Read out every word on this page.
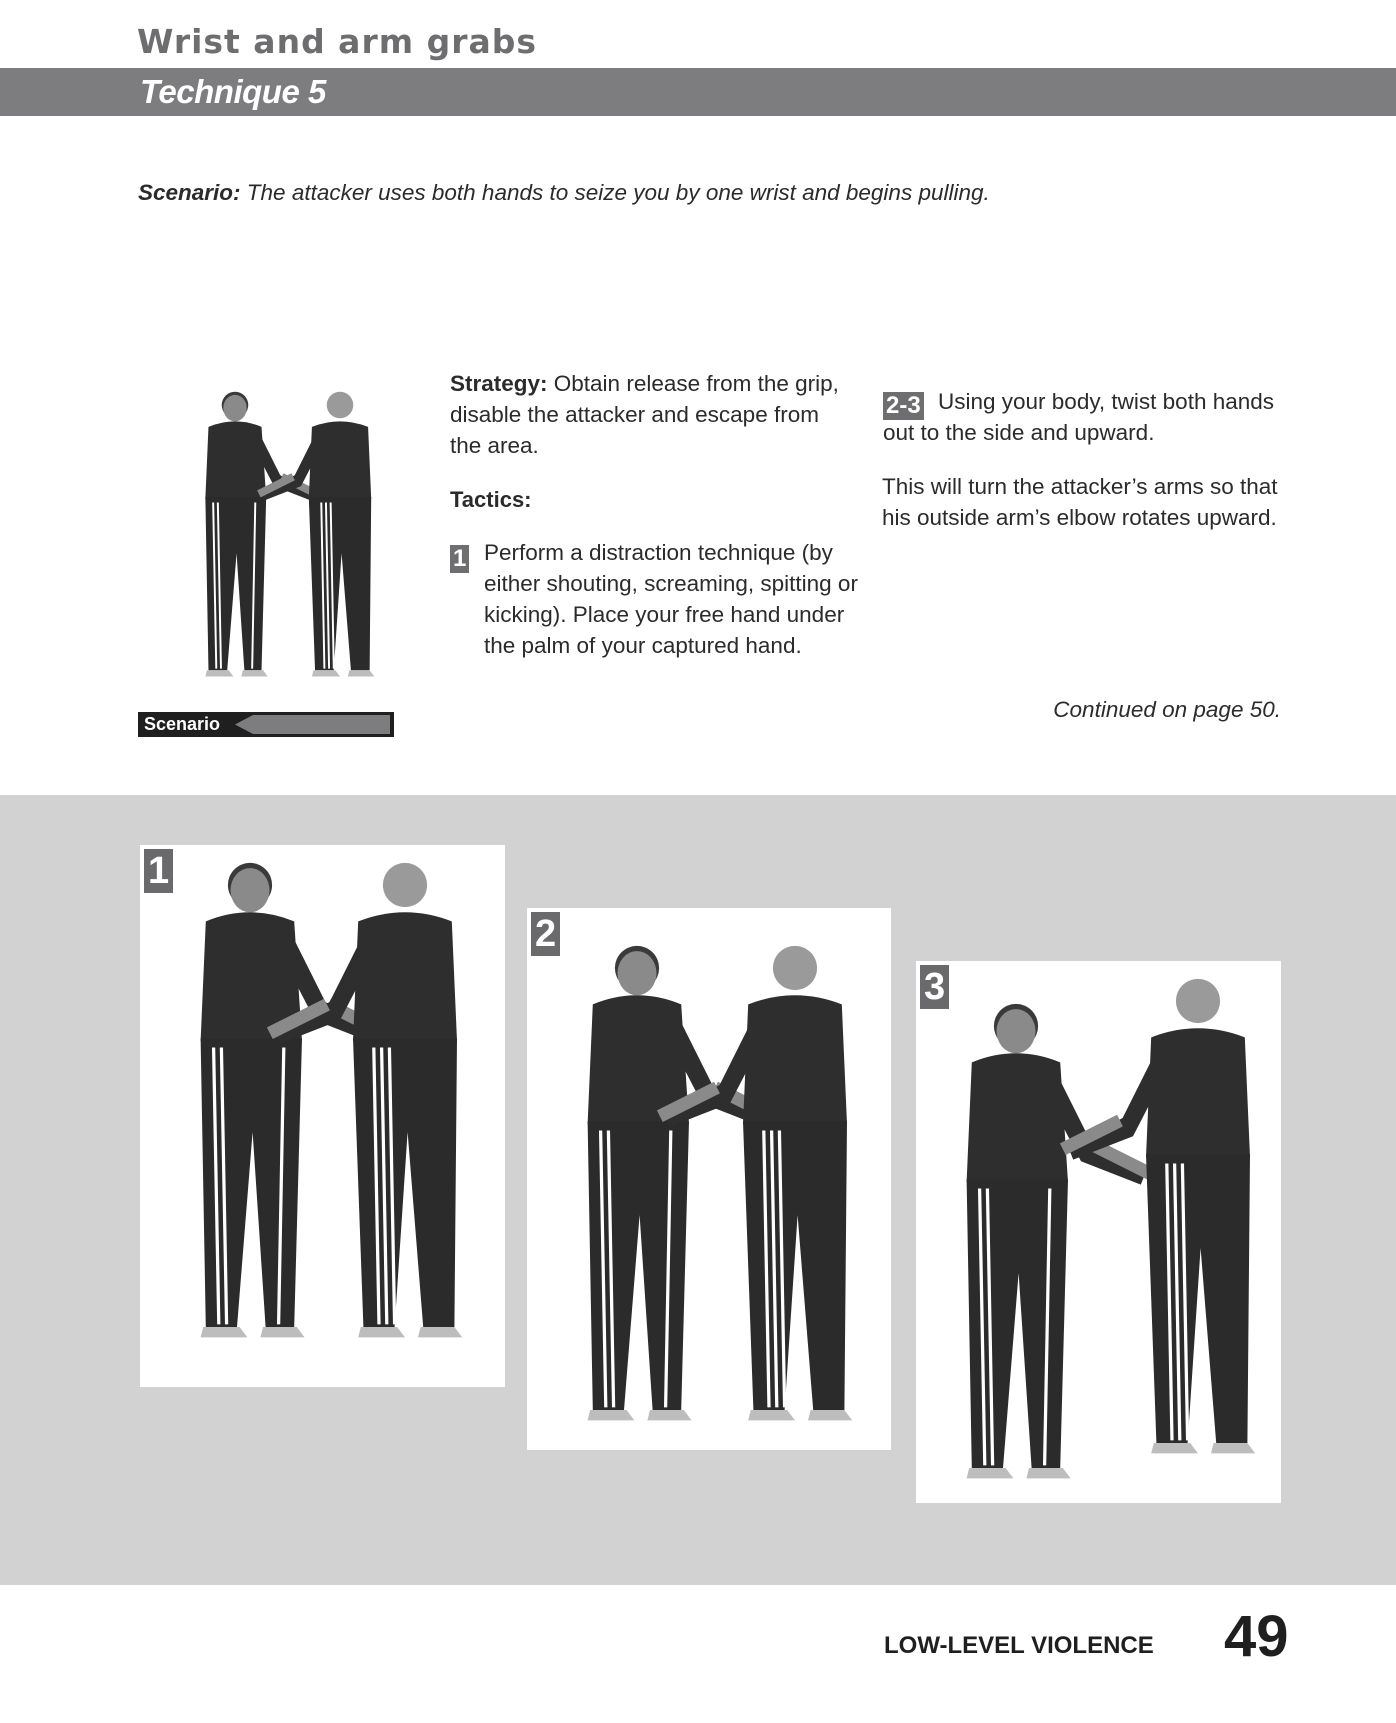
Wrist and arm grabs
Technique 5
Scenario: The attacker uses both hands to seize you by one wrist and begins pulling.
Scenario

Strategy: Obtain release from the grip, disable the attacker and escape from the area.

Tactics:
1 Perform a distraction technique (by either shouting, screaming, spitting or kicking). Place your free hand under the palm of your captured hand.
2-3 Using your body, twist both hands out to the side and upward.
This will turn the attacker’s arms so that his outside arm’s elbow rotates upward.
Continued on page 50.
1
2
3
LOW-LEVEL VIOLENCE 49
